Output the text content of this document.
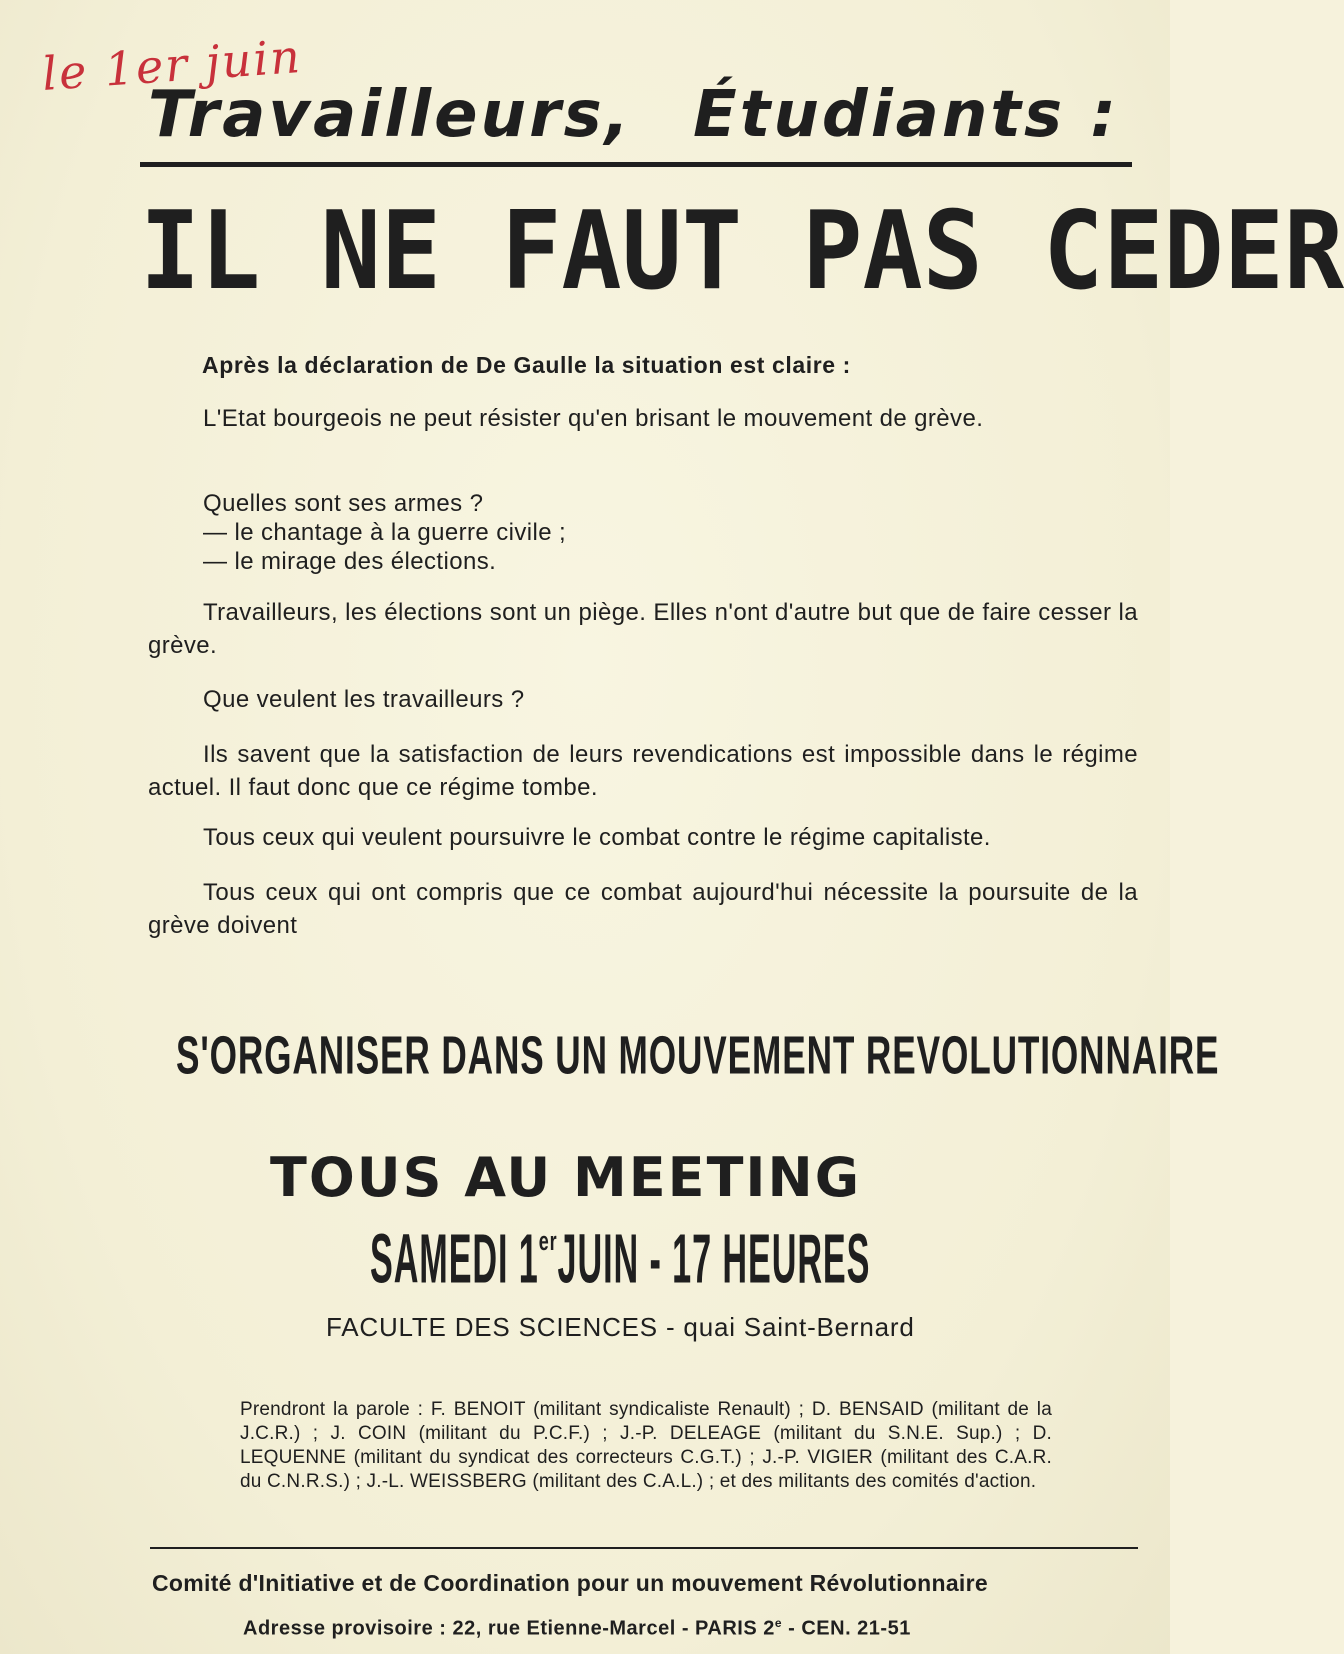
le 1er juin
Travailleurs, Étudiants :
IL NE FAUT PAS CEDER
Après la déclaration de De Gaulle la situation est claire :
L'Etat bourgeois ne peut résister qu'en brisant le mouvement de grève.
Quelles sont ses armes ?
— le chantage à la guerre civile ;
— le mirage des élections.
Travailleurs, les élections sont un piège. Elles n'ont d'autre but que de faire cesser la grève.
Que veulent les travailleurs ?
Ils savent que la satisfaction de leurs revendications est impossible dans le régime actuel. Il faut donc que ce régime tombe.
Tous ceux qui veulent poursuivre le combat contre le régime capitaliste.
Tous ceux qui ont compris que ce combat aujourd'hui nécessite la poursuite de la grève doivent
S'ORGANISER DANS UN MOUVEMENT REVOLUTIONNAIRE
TOUS AU MEETING
SAMEDI 1erJUIN - 17 HEURES
FACULTE DES SCIENCES - quai Saint-Bernard
Prendront la parole : F. BENOIT (militant syndicaliste Renault) ; D. BENSAID (militant de la J.C.R.) ; J. COIN (militant du P.C.F.) ; J.-P. DELEAGE (militant du S.N.E. Sup.) ; D. LEQUENNE (militant du syndicat des correcteurs C.G.T.) ; J.-P. VIGIER (militant des C.A.R. du C.N.R.S.) ; J.-L. WEISSBERG (militant des C.A.L.) ; et des militants des comités d'action.
Comité d'Initiative et de Coordination pour un mouvement Révolutionnaire
Adresse provisoire : 22, rue Etienne-Marcel - PARIS 2e - CEN. 21-51
